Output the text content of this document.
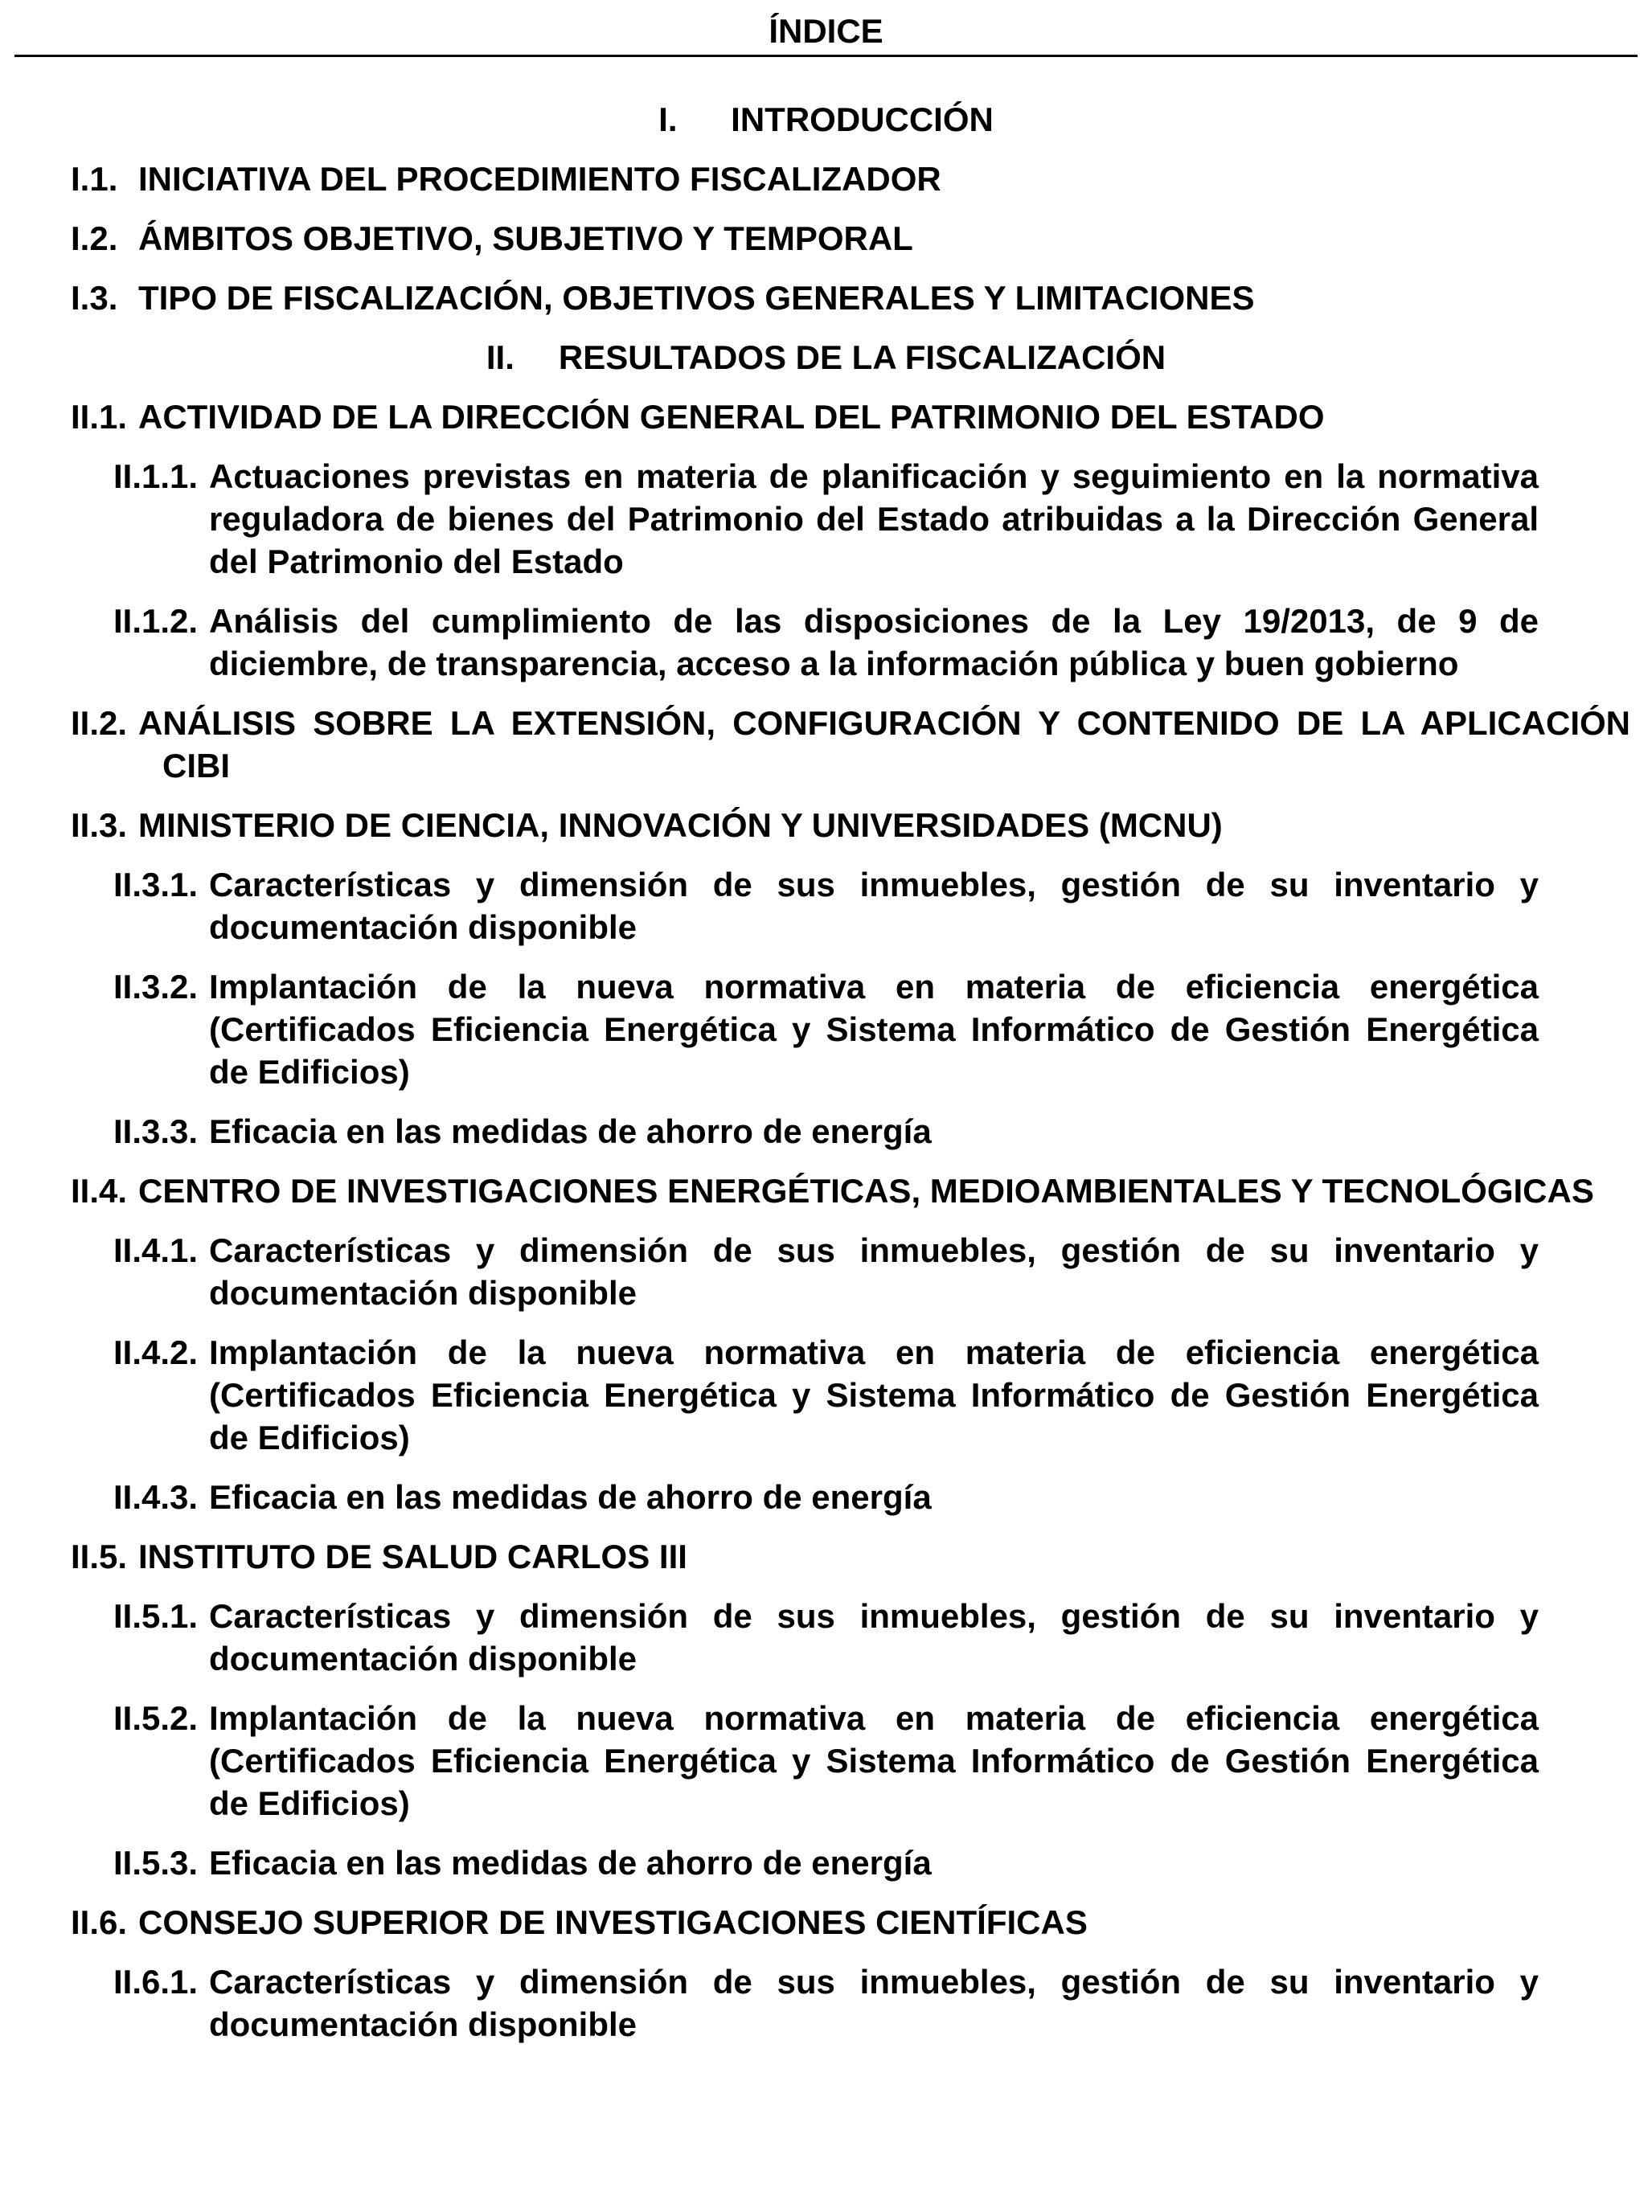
ÍNDICE
I. INTRODUCCIÓN
I.1. INICIATIVA DEL PROCEDIMIENTO FISCALIZADOR
I.2. ÁMBITOS OBJETIVO, SUBJETIVO Y TEMPORAL
I.3. TIPO DE FISCALIZACIÓN, OBJETIVOS GENERALES Y LIMITACIONES
II. RESULTADOS DE LA FISCALIZACIÓN
II.1. ACTIVIDAD DE LA DIRECCIÓN GENERAL DEL PATRIMONIO DEL ESTADO
II.1.1. Actuaciones previstas en materia de planificación y seguimiento en la normativa reguladora de bienes del Patrimonio del Estado atribuidas a la Dirección General del Patrimonio del Estado
II.1.2. Análisis del cumplimiento de las disposiciones de la Ley 19/2013, de 9 de diciembre, de transparencia, acceso a la información pública y buen gobierno
II.2. ANÁLISIS SOBRE LA EXTENSIÓN, CONFIGURACIÓN Y CONTENIDO DE LA APLICACIÓN CIBI
II.3. MINISTERIO DE CIENCIA, INNOVACIÓN Y UNIVERSIDADES (MCNU)
II.3.1. Características y dimensión de sus inmuebles, gestión de su inventario y documentación disponible
II.3.2. Implantación de la nueva normativa en materia de eficiencia energética (Certificados Eficiencia Energética y Sistema Informático de Gestión Energética de Edificios)
II.3.3. Eficacia en las medidas de ahorro de energía
II.4. CENTRO DE INVESTIGACIONES ENERGÉTICAS, MEDIOAMBIENTALES Y TECNOLÓGICAS
II.4.1. Características y dimensión de sus inmuebles, gestión de su inventario y documentación disponible
II.4.2. Implantación de la nueva normativa en materia de eficiencia energética (Certificados Eficiencia Energética y Sistema Informático de Gestión Energética de Edificios)
II.4.3. Eficacia en las medidas de ahorro de energía
II.5. INSTITUTO DE SALUD CARLOS III
II.5.1. Características y dimensión de sus inmuebles, gestión de su inventario y documentación disponible
II.5.2. Implantación de la nueva normativa en materia de eficiencia energética (Certificados Eficiencia Energética y Sistema Informático de Gestión Energética de Edificios)
II.5.3. Eficacia en las medidas de ahorro de energía
II.6. CONSEJO SUPERIOR DE INVESTIGACIONES CIENTÍFICAS
II.6.1. Características y dimensión de sus inmuebles, gestión de su inventario y documentación disponible
